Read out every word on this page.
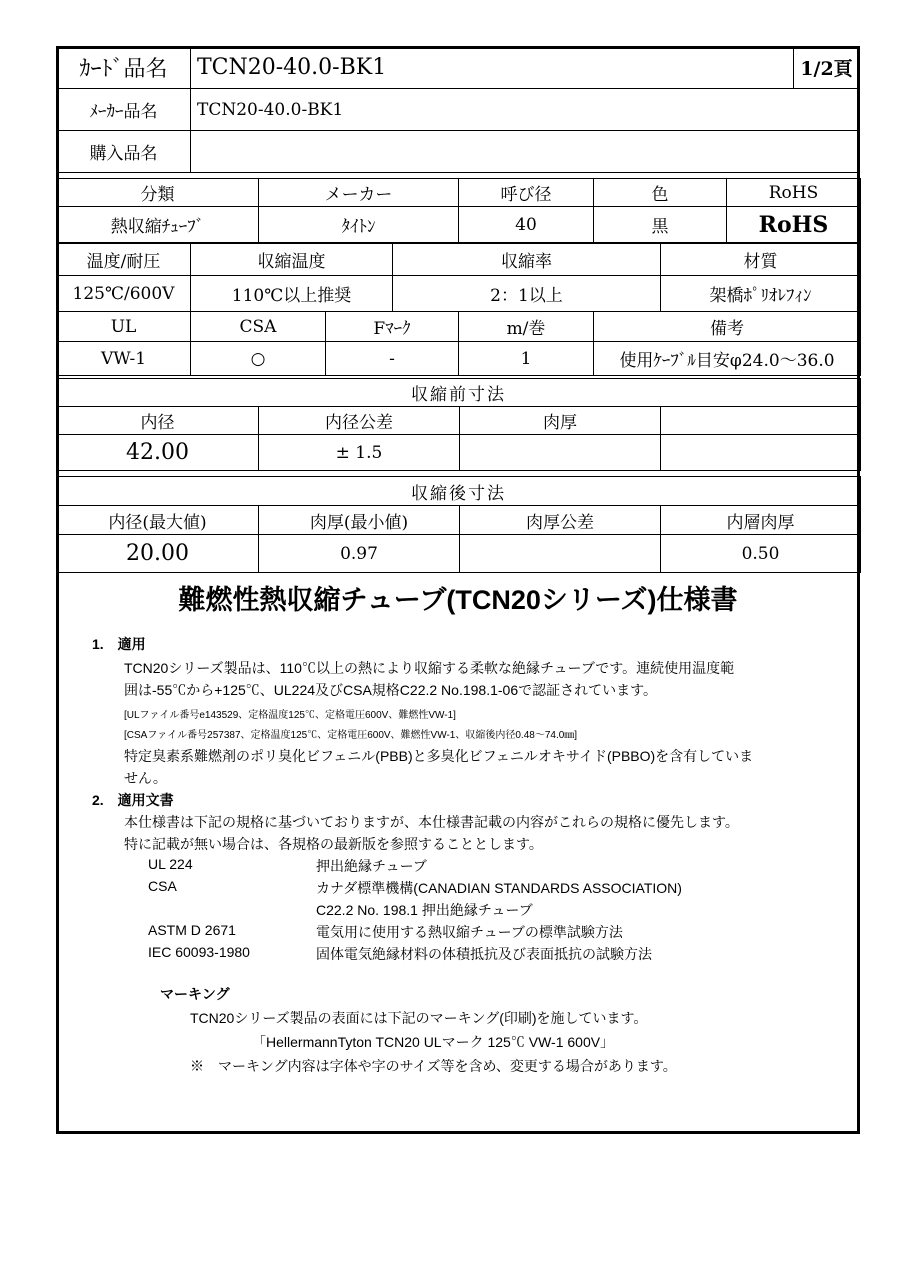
ｶｰﾄﾞ品名	TCN20-40.0-BK1	1/2頁
ﾒｰｶｰ品名	TCN20-40.0-BK1	
購入品名		
分類	メーカー	呼び径	色	RoHS
熱収縮ﾁｭｰﾌﾞ	ﾀｲﾄﾝ	40	黒	RoHS
温度/耐圧	収縮温度	収縮率	材質
125℃/600V	110℃以上推奨	2：1以上	架橋ﾎﾟﾘｵﾚﾌｨﾝ
UL	CSA	Fﾏｰｸ	m/巻	備考
VW-1	○	-	1	使用ｹｰﾌﾞﾙ目安φ24.0～36.0
収縮前寸法			
内径	内径公差	肉厚	
42.00	± 1.5		
収縮後寸法			
内径(最大値)	肉厚(最小値)	肉厚公差	内層肉厚
20.00	0.97		0.50
難燃性熱収縮チューブ(TCN20シリーズ)仕様書
1.　適用
TCN20シリーズ製品は、110℃以上の熱により収縮する柔軟な絶縁チューブです。連続使用温度範
囲は-55℃から+125℃、UL224及びCSA規格C22.2 No.198.1-06で認証されています。
[ULファイル番号e143529、定格温度125℃、定格電圧600V、難燃性VW-1]
[CSAファイル番号257387、定格温度125℃、定格電圧600V、難燃性VW-1、収縮後内径0.48～74.0㎜]
特定臭素系難燃剤のポリ臭化ビフェニル(PBB)と多臭化ビフェニルオキサイド(PBBO)を含有していま
せん。
2.　適用文書
本仕様書は下記の規格に基づいておりますが、本仕様書記載の内容がこれらの規格に優先します。
特に記載が無い場合は、各規格の最新版を参照することとします。
UL 224	押出絶縁チューブ
CSA	カナダ標準機構(CANADIAN STANDARDS ASSOCIATION)
C22.2 No. 198.1 押出絶縁チューブ
ASTM D 2671	電気用に使用する熱収縮チューブの標準試験方法
IEC 60093-1980	固体電気絶縁材料の体積抵抗及び表面抵抗の試験方法
マーキング
TCN20シリーズ製品の表面には下記のマーキング(印刷)を施しています。
「HellermannTyton TCN20 ULマーク 125℃ VW-1 600V」
※　マーキング内容は字体や字のサイズ等を含め、変更する場合があります。
